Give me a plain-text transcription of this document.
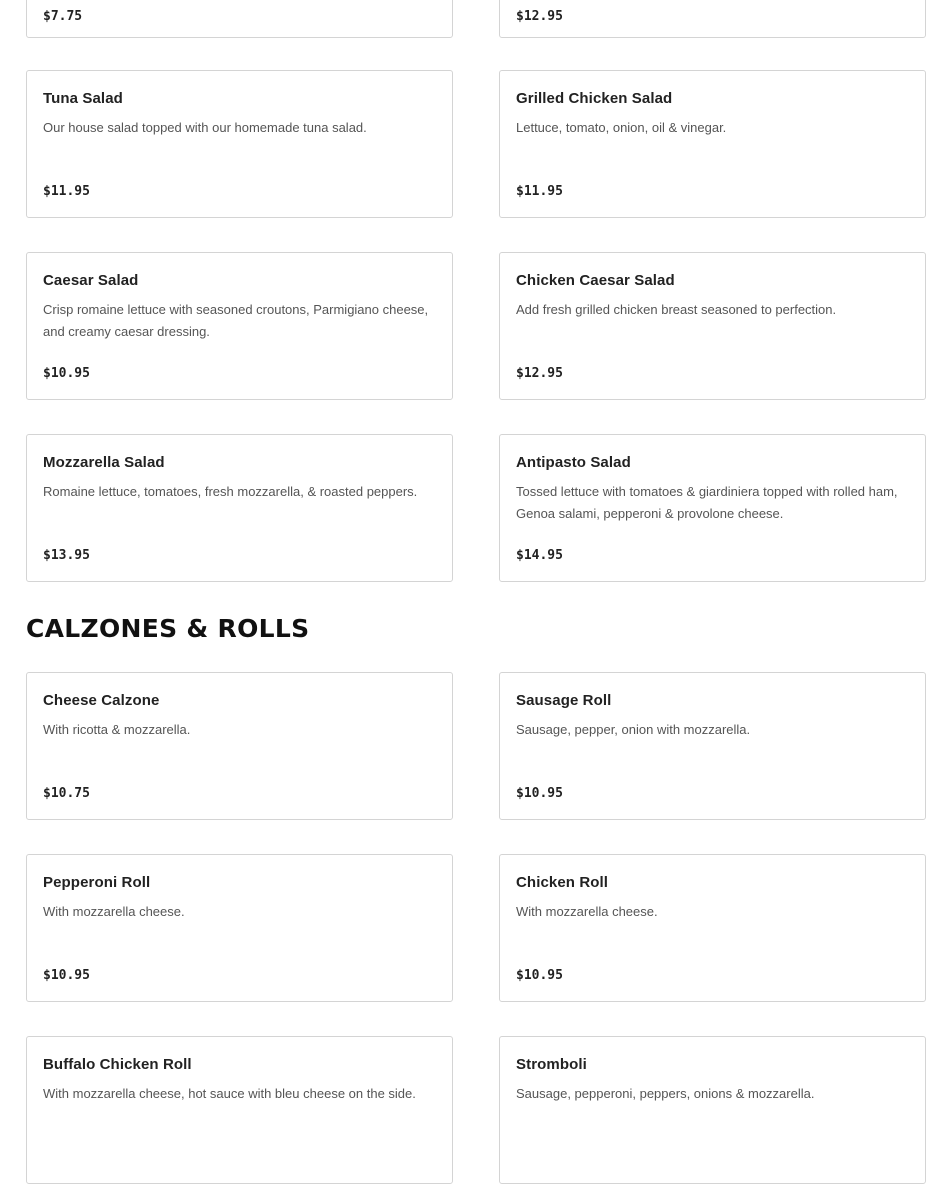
$7.75	$12.95
Tuna Salad
Our house salad topped with our homemade tuna salad.
$11.95
Grilled Chicken Salad
Lettuce, tomato, onion, oil & vinegar.
$11.95
Caesar Salad
Crisp romaine lettuce with seasoned croutons, Parmigiano cheese, and creamy caesar dressing.
$10.95
Chicken Caesar Salad
Add fresh grilled chicken breast seasoned to perfection.
$12.95
Mozzarella Salad
Romaine lettuce, tomatoes, fresh mozzarella, & roasted peppers.
$13.95
Antipasto Salad
Tossed lettuce with tomatoes & giardiniera topped with rolled ham, Genoa salami, pepperoni & provolone cheese.
$14.95
CALZONES & ROLLS
Cheese Calzone
With ricotta & mozzarella.
$10.75
Sausage Roll
Sausage, pepper, onion with mozzarella.
$10.95
Pepperoni Roll
With mozzarella cheese.
$10.95
Chicken Roll
With mozzarella cheese.
$10.95
Buffalo Chicken Roll
With mozzarella cheese, hot sauce with bleu cheese on the side.
Stromboli
Sausage, pepperoni, peppers, onions & mozzarella.
